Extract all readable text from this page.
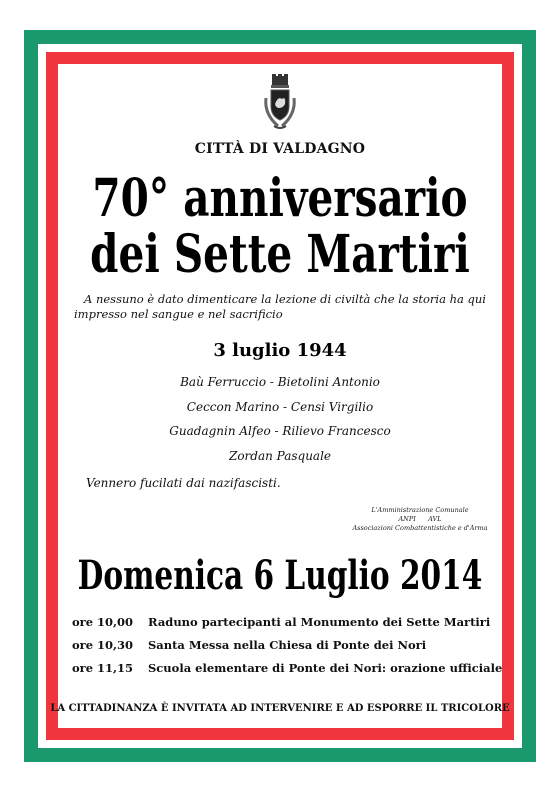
CITTÀ DI VALDAGNO
70° anniversario
dei Sette Martiri
A nessuno è dato dimenticare la lezione di civiltà che la storia ha qui
impresso nel sangue e nel sacrificio
3 luglio 1944
Baù Ferruccio - Bietolini Antonio
Ceccon Marino - Censi Virgilio
Guadagnin Alfeo - Rilievo Francesco
Zordan Pasquale
Vennero fucilati dai nazifascisti.
L'Amministrazione Comunale
ANPI      AVL
Associazioni Combattentistiche e d'Arma
Domenica 6 Luglio 2014
ore 10,00 Raduno partecipanti al Monumento dei Sette Martiri
ore 10,30 Santa Messa nella Chiesa di Ponte dei Nori
ore 11,15 Scuola elementare di Ponte dei Nori: orazione ufficiale
LA CITTADINANZA È INVITATA AD INTERVENIRE E AD ESPORRE IL TRICOLORE
